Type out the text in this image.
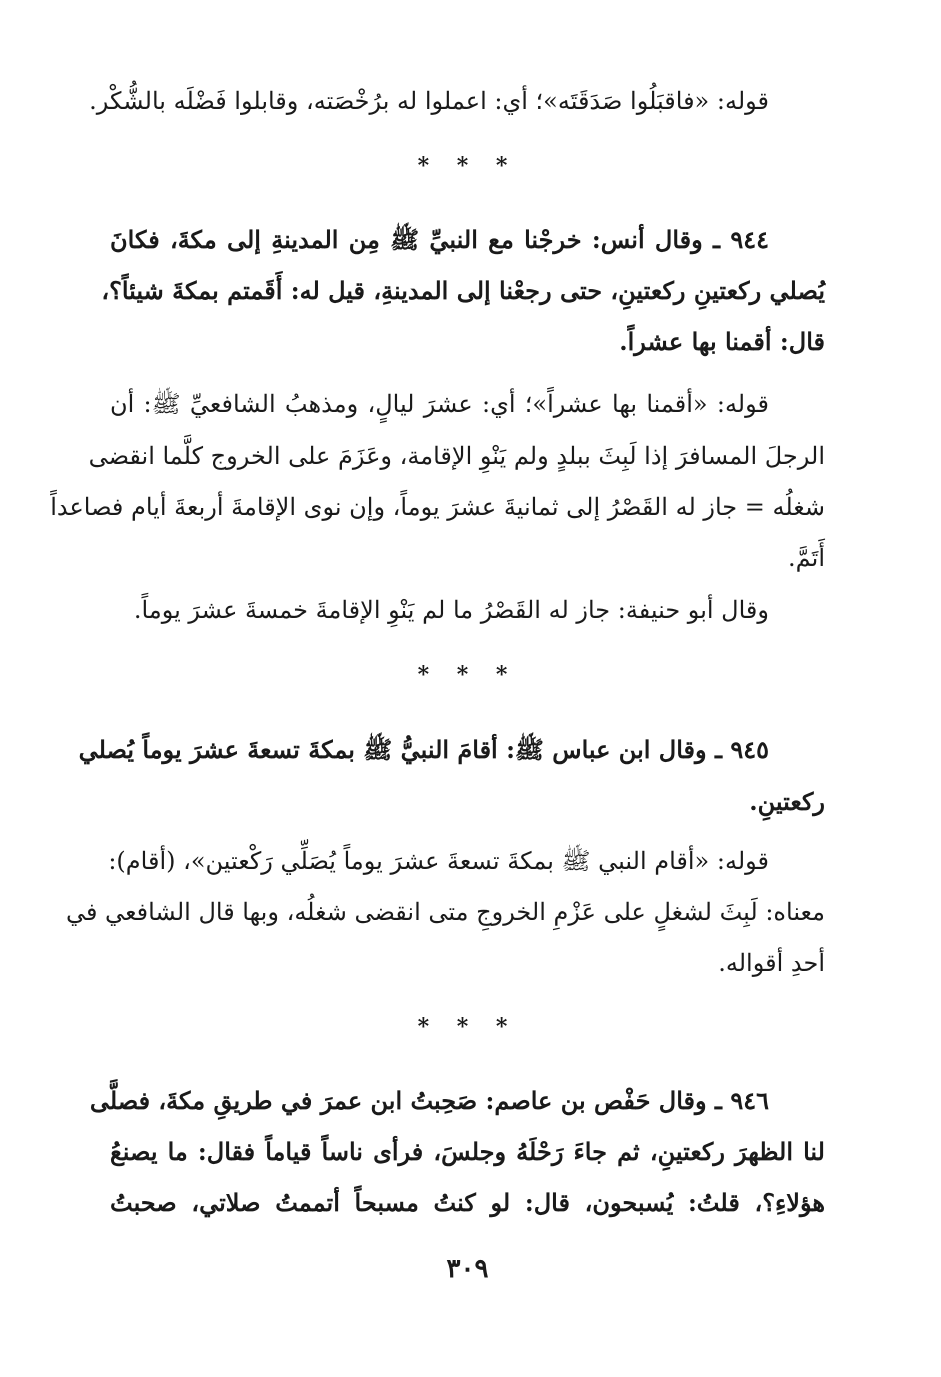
قوله: «فاقبَلُوا صَدَقَتَه»؛ أي: اعملوا له برُخْصَته، وقابلوا فَضْلَه بالشُّكْر.
* * *
٩٤٤ ـ وقال أنس: خرجْنا مع النبيِّ ﷺ مِن المدينةِ إلى مكةَ، فكانَ
يُصلي ركعتينِ ركعتينِ، حتى رجعْنا إلى المدينةِ، قيل له: أَقَمتم بمكةَ شيئاً؟،
قال: أقمنا بها عشراً.
قوله: «أقمنا بها عشراً»؛ أي: عشرَ ليالٍ، ومذهبُ الشافعيِّ ﷺ: أن
الرجلَ المسافرَ إذا لَبِثَ ببلدٍ ولم يَنْوِ الإقامة، وعَزَمَ على الخروج كلَّما انقضى
شغلُه = جاز له القَصْرُ إلى ثمانيةَ عشرَ يوماً، وإن نوى الإقامةَ أربعةَ أيام فصاعداً
أَتَمَّ.
وقال أبو حنيفة: جاز له القَصْرُ ما لم يَنْوِ الإقامةَ خمسةَ عشرَ يوماً.
* * *
٩٤٥ ـ وقال ابن عباس ﷺ: أقامَ النبيُّ ﷺ بمكةَ تسعةَ عشرَ يوماً يُصلي
ركعتينِ.
قوله: «أقام النبي ﷺ بمكةَ تسعةَ عشرَ يوماً يُصَلِّي رَكْعتين»، (أقام):
معناه: لَبِثَ لشغلٍ على عَزْمِ الخروجِ متى انقضى شغلُه، وبها قال الشافعي في
أحدِ أقواله.
* * *
٩٤٦ ـ وقال حَفْص بن عاصم: صَحِبتُ ابن عمرَ في طريقِ مكةَ، فصلَّى
لنا الظهرَ ركعتينِ، ثم جاءَ رَحْلَهُ وجلسَ، فرأى ناساً قياماً فقال: ما يصنعُ
هؤلاءِ؟، قلتُ: يُسبحون، قال: لو كنتُ مسبحاً أتممتُ صلاتي، صحبتُ
٣٠٩
